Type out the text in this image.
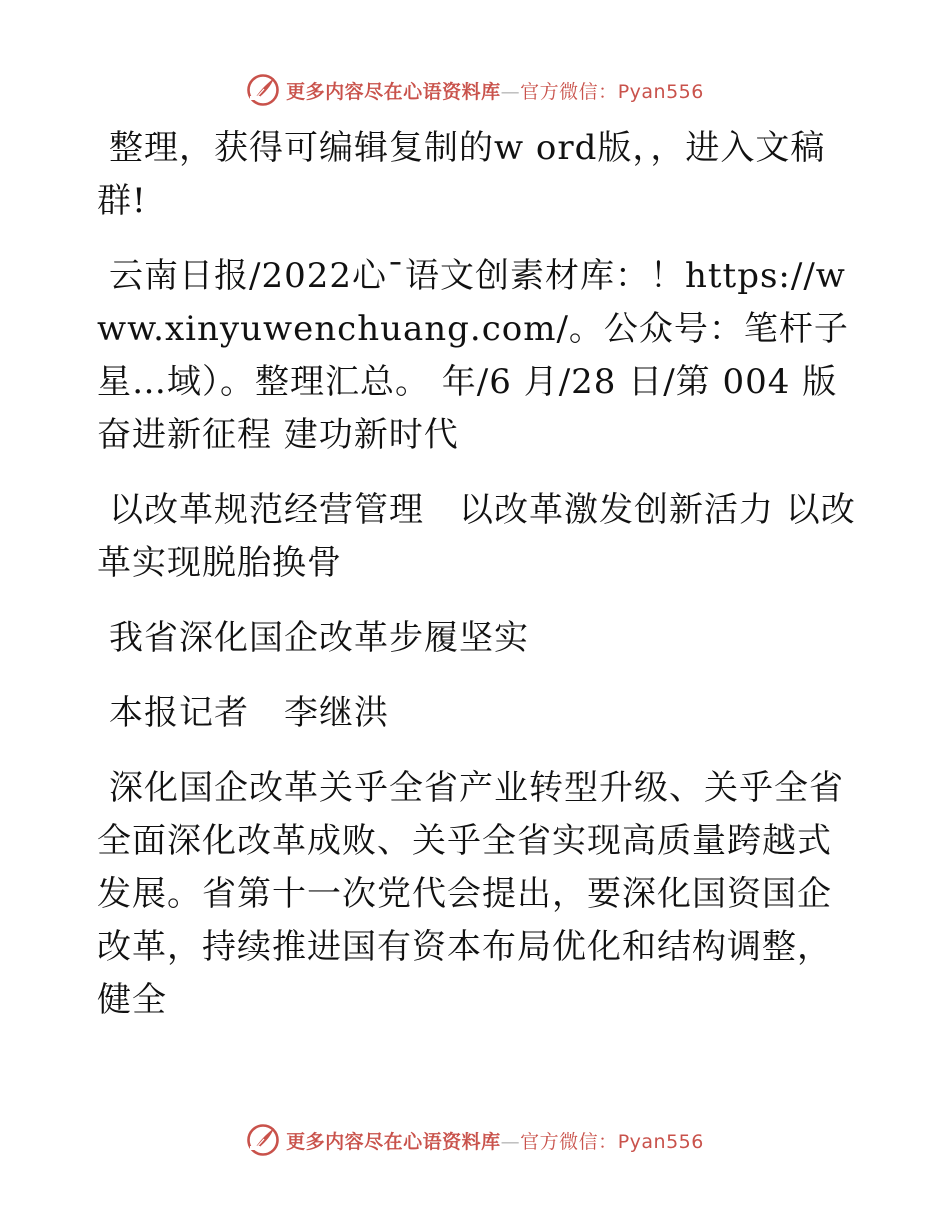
更多内容尽在心语资料库—官方微信：Pyan556

整理，获得可编辑复制的w ord版，，进入文稿群!

云南日报/2022心¯语文创素材库：！https://www.xinyuwenchuang.com/。公众号：笔杆子星…域）。整理汇总。 年/6 月/28 日/第 004 版奋进新征程 建功新时代

以改革规范经营管理　以改革激发创新活力 以改革实现脱胎换骨

我省深化国企改革步履坚实

本报记者　李继洪

深化国企改革关乎全省产业转型升级、关乎全省全面深化改革成败、关乎全省实现高质量跨越式发展。省第十一次党代会提出，要深化国资国企改革，持续推进国有资本布局优化和结构调整，健全

更多内容尽在心语资料库—官方微信：Pyan556
